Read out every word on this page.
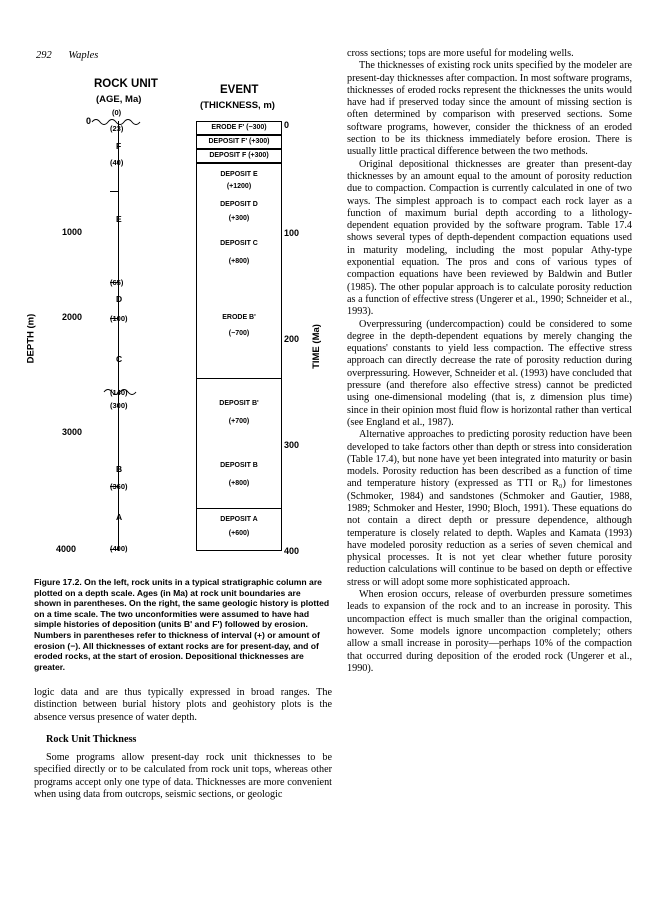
292 Waples
ROCK UNIT
(AGE, Ma)
EVENT
(THICKNESS, m)
DEPTH (m)	TIME (Ma)
0
1000
2000
3000
4000
(0)
(23)
(40)
(65)
(100)
(140)
(300)
(360)
(400)
F
E
D
C
B
A
ERODE F' (−300)
DEPOSIT F' (+300)
DEPOSIT F (+300)
DEPOSIT E
(+1200)
DEPOSIT D
(+300)
DEPOSIT C
(+800)
ERODE B'
(−700)
DEPOSIT B'
(+700)
DEPOSIT B
(+800)
DEPOSIT A
(+600)
0
100
200
300
400
Figure 17.2. On the left, rock units in a typical stratigraphic column are plotted on a depth scale. Ages (in Ma) at rock unit boundaries are shown in parentheses. On the right, the same geologic history is plotted on a time scale. The two unconformities were assumed to have had simple histories of deposition (units B' and F') followed by erosion. Numbers in parentheses refer to thickness of interval (+) or amount of erosion (−). All thicknesses of extant rocks are for present-day, and of eroded rocks, at the start of erosion. Depositional thicknesses are greater.

logic data and are thus typically expressed in broad ranges. The distinction between burial history plots and geohistory plots is the absence versus presence of water depth.

Rock Unit Thickness

Some programs allow present-day rock unit thicknesses to be specified directly or to be calculated from rock unit tops, whereas other programs accept only one type of data. Thicknesses are more convenient when using data from outcrops, seismic sections, or geologic

cross sections; tops are more useful for modeling wells.

The thicknesses of existing rock units specified by the modeler are present-day thicknesses after compaction. In most software programs, thicknesses of eroded rocks represent the thicknesses the units would have had if preserved today since the amount of missing section is often determined by comparison with preserved sections. Some software programs, however, consider the thickness of an eroded section to be its thickness immediately before erosion. There is usually little practical difference between the two methods.

Original depositional thicknesses are greater than present-day thicknesses by an amount equal to the amount of porosity reduction due to compaction. Compaction is currently calculated in one of two ways. The simplest approach is to compact each rock layer as a function of maximum burial depth according to a lithology-dependent equation provided by the software program. Table 17.4 shows several types of depth-dependent compaction equations used in maturity modeling, including the most popular Athy-type exponential equation. The pros and cons of various types of compaction equations have been reviewed by Baldwin and Butler (1985). The other popular approach is to calculate porosity reduction as a function of effective stress (Ungerer et al., 1990; Schneider et al., 1993).

Overpressuring (undercompaction) could be considered to some degree in the depth-dependent equations by merely changing the equations' constants to yield less compaction. The effective stress approach can directly decrease the rate of porosity reduction during overpressuring. However, Schneider et al. (1993) have concluded that pressure (and therefore also effective stress) cannot be predicted using one-dimensional modeling (that is, z dimension plus time) since in their opinion most fluid flow is horizontal rather than vertical (see England et al., 1987).

Alternative approaches to predicting porosity reduction have been developed to take factors other than depth or stress into consideration (Table 17.4), but none have yet been integrated into maturity or basin models. Porosity reduction has been described as a function of time and temperature history (expressed as TTI or R₀) for limestones (Schmoker, 1984) and sandstones (Schmoker and Gautier, 1988, 1989; Schmoker and Hester, 1990; Bloch, 1991). These equations do not contain a direct depth or pressure dependence, although temperature is closely related to depth. Waples and Kamata (1993) have modeled porosity reduction as a series of seven chemical and physical processes. It is not yet clear whether future porosity reduction calculations will continue to be based on depth or effective stress or will adopt some more sophisticated approach.

When erosion occurs, release of overburden pressure sometimes leads to expansion of the rock and to an increase in porosity. This uncompaction effect is much smaller than the original compaction, however. Some models ignore uncompaction completely; others allow a small increase in porosity—perhaps 10% of the compaction that occurred during deposition of the eroded rock (Ungerer et al., 1990).
